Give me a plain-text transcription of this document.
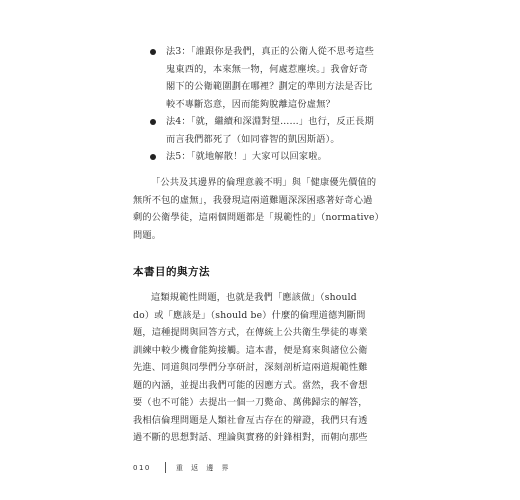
法3：「誰跟你是我們，真正的公衛人從不思考這些
鬼東西的，本來無一物，何處惹塵埃。」我會好奇
閣下的公衛範圍劃在哪裡？劃定的準則方法是否比
較不專斷恣意，因而能夠脫離這份虛無？
法4：「就，繼續和深淵對望……」也行，反正長期
而言我們都死了（如同睿智的凱因斯語）。
法5：「就地解散！」大家可以回家啦。
「公共及其邊界的倫理意義不明」與「健康優先價值的
無所不包的虛無」，我發現這兩道難題深深困惑著好奇心過
剩的公衛學徒，這兩個問題都是「規範性的」（normative）
問題。
本書目的與方法
這類規範性問題，也就是我們「應該做」（should
do）或「應該是」（should be）什麼的倫理道德判斷問
題，這種提問與回答方式，在傳統上公共衛生學徒的專業
訓練中較少機會能夠接觸。這本書，便是寫來與諸位公衛
先進、同道與同學們分享研討，深刻剖析這兩道規範性難
題的內涵，並提出我們可能的因應方式。當然，我不會想
要（也不可能）去提出一個一刀斃命、萬佛歸宗的解答，
我相信倫理問題是人類社會亙古存在的辯證，我們只有透
過不斷的思想對話、理論與實務的針鋒相對，而朝向那些
010	重 返 邊 界
